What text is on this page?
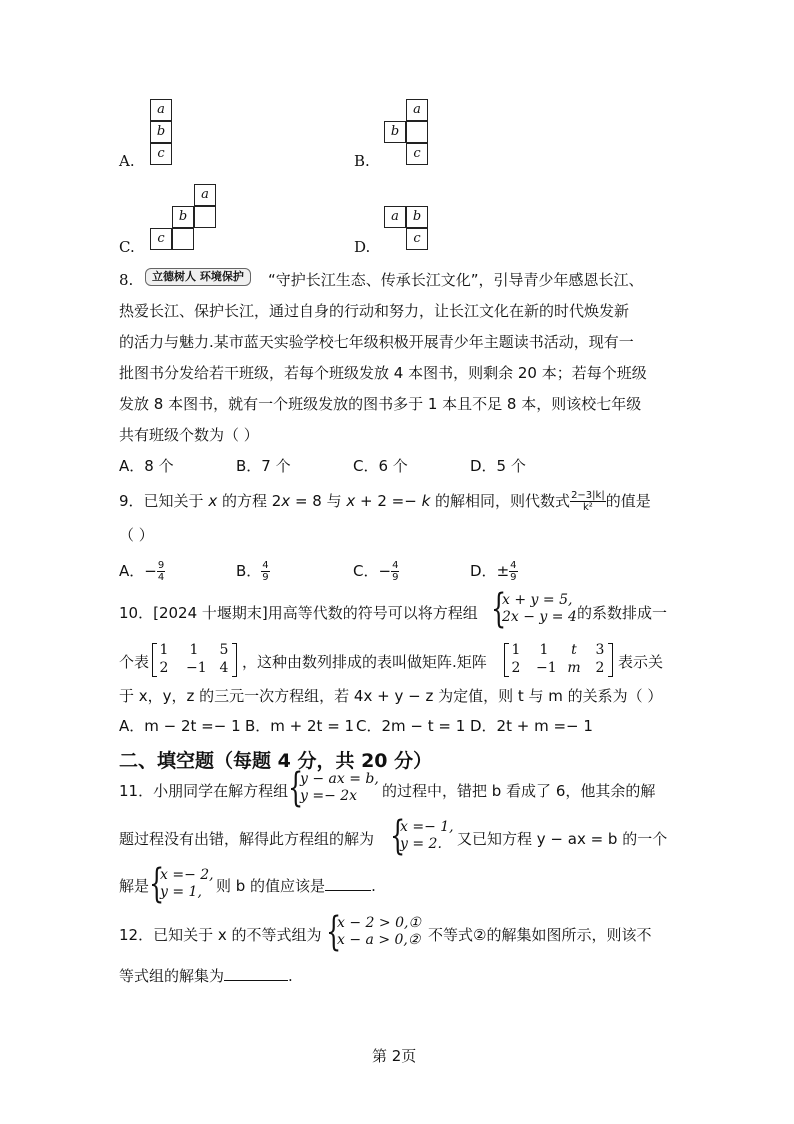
A.
a
b
c	B.
a
b
c
C.
a
b
c	D.
a	b
c
8.	立德树人 环境保护	“守护长江生态、传承长江文化”，引导青少年感恩长江、
热爱长江、保护长江，通过自身的行动和努力，让长江文化在新的时代焕发新
的活力与魅力.某市蓝天实验学校七年级积极开展青少年主题读书活动，现有一
批图书分发给若干班级，若每个班级发放 4 本图书，则剩余 20 本；若每个班级
发放 8 本图书，就有一个班级发放的图书多于 1 本且不足 8 本，则该校七年级
共有班级个数为（ ）
A．8 个	B．7 个	C．6 个	D．5 个
9．已知关于 x 的方程 2x = 8 与 x + 2 =− k 的解相同，则代数式 $\frac{2-3|k|}{\text{k²}}$ 的值是
（ ）
A．− $\frac{9}{4}$	B． $\frac{4}{9}$	C．− $\frac{4}{9}$	D．± $\frac{4}{9}$
10．[2024 十堰期末]用高等代数的符号可以将方程组 {
x + y = 5,
2x − y = 4 的系数排成一
个表
1 1 5
2 −1 4 ，这种由数列排成的表叫做矩阵.矩阵
1 1	t	3
2 −1 m 2 表示关
于 x，y，z 的三元一次方程组，若 4x + y − z 为定值，则 t 与 m 的关系为（ ）
A．m − 2t =− 1 B．m + 2t = 1 C．2m − t = 1 D．2t + m =− 1
二、填空题（每题 4 分，共 20 分）
11．小朋同学在解方程组 {
y − ax = b,
y =− 2x 的过程中，错把 b 看成了 6，他其余的解
题过程没有出错，解得此方程组的解为 {
x =− 1,
y = 2. 又已知方程 y − ax = b 的一个
解是 {
x =− 2,
y = 1, 则 b 的值应该是	.
12．已知关于 x 的不等式组为 {
x − 2 > 0,①
x − a > 0,② 不等式②的解集如图所示，则该不
等式组的解集为	.
第 2页
